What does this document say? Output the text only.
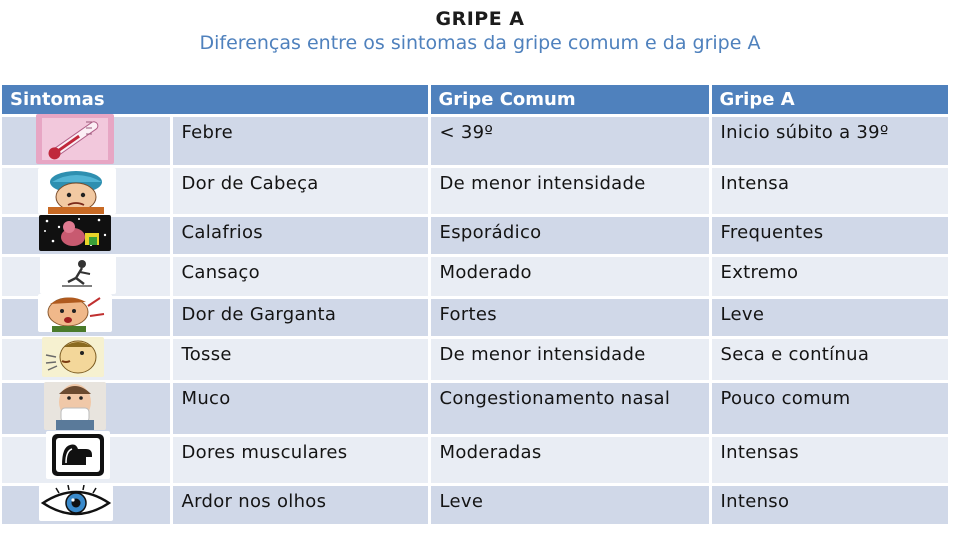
GRIPE A
Diferenças entre os sintomas da gripe comum e da gripe A
Sintomas		Gripe Comum	Gripe A

	Febre	< 39º	Inicio súbito a 39º

	Dor de Cabeça	De menor intensidade	Intensa

	Calafrios	Esporádico	Frequentes

	Cansaço	Moderado	Extremo

	Dor de Garganta	Fortes	Leve

	Tosse	De menor intensidade	Seca e contínua

	Muco	Congestionamento nasal	Pouco comum

	Dores musculares	Moderadas	Intensas

	Ardor nos olhos	Leve	Intenso
